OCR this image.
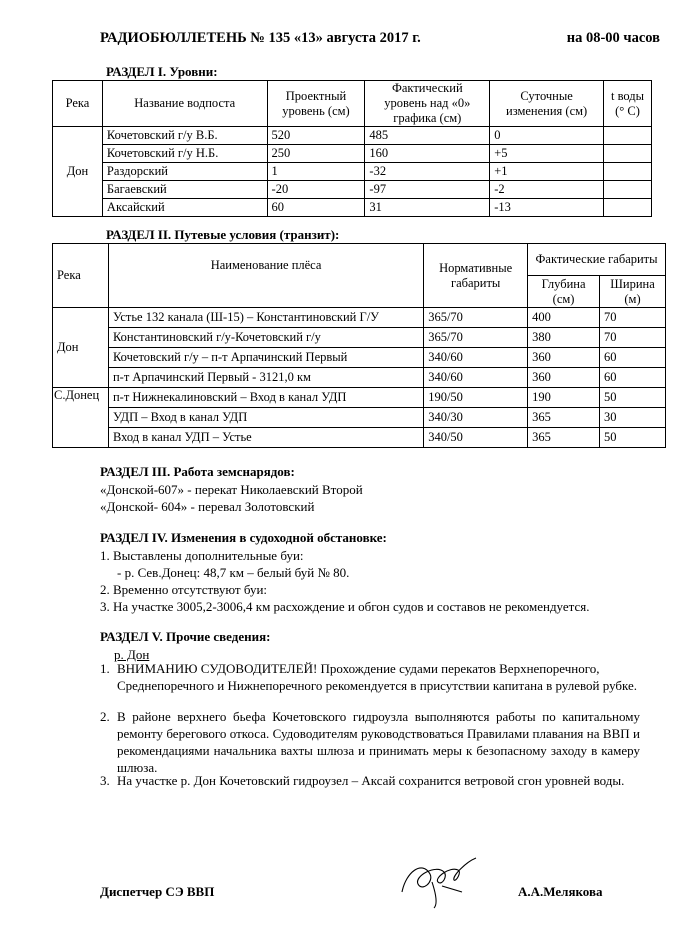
РАДИОБЮЛЛЕТЕНЬ № 135 «13» августа 2017 г.	на 08-00 часов
РАЗДЕЛ I. Уровни:
Река	Название водпоста	Проектный уровень (см)	Фактический уровень над «0» графика (см)	Суточные изменения (см)	t воды (° С)
Дон	Кочетовский г/у В.Б.	520	485	0	
	Кочетовский г/у Н.Б.	250	160	+5	
	Раздорский	1	-32	+1	
	Багаевский	-20	-97	-2	
	Аксайский	60	31	-13	
РАЗДЕЛ II. Путевые условия (транзит):
Река	Наименование плёса	Нормативные габариты	Фактические габариты	
			Глубина (см)	Ширина (м)
Дон	Устье 132 канала (Ш-15) – Константиновский Г/У	365/70	400	70
	Константиновский г/у-Кочетовский г/у	365/70	380	70
	Кочетовский г/у – п-т Арпачинский Первый	340/60	360	60
	п-т Арпачинский Первый - 3121,0 км	340/60	360	60
С.Донец	п-т Нижнекалиновский – Вход в канал УДП	190/50	190	50
	УДП – Вход в канал УДП	340/30	365	30
	Вход в канал УДП – Устье	340/50	365	50
РАЗДЕЛ III. Работа земснарядов:
«Донской-607» - перекат Николаевский Второй
«Донской- 604» - перевал Золотовский
РАЗДЕЛ IV. Изменения в судоходной обстановке:
1. Выставлены дополнительные буи:
- р. Сев.Донец: 48,7 км – белый буй № 80.
2. Временно отсутствуют буи:
3. На участке 3005,2-3006,4 км расхождение и обгон судов и составов не рекомендуется.
РАЗДЕЛ V. Прочие сведения:
р. Дон
1. ВНИМАНИЮ СУДОВОДИТЕЛЕЙ! Прохождение судами перекатов Верхнепоречного, Среднепоречного и Нижнепоречного рекомендуется в присутствии капитана в рулевой рубке.
2. В районе верхнего бьефа Кочетовского гидроузла выполняются работы по капитальному ремонту берегового откоса. Судоводителям руководствоваться Правилами плавания на ВВП и рекомендациями начальника вахты шлюза и принимать меры к безопасному заходу в камеру шлюза.
3. На участке р. Дон Кочетовский гидроузел – Аксай сохранится ветровой сгон уровней воды.
Диспетчер СЭ ВВП	А.А.Мелякова
